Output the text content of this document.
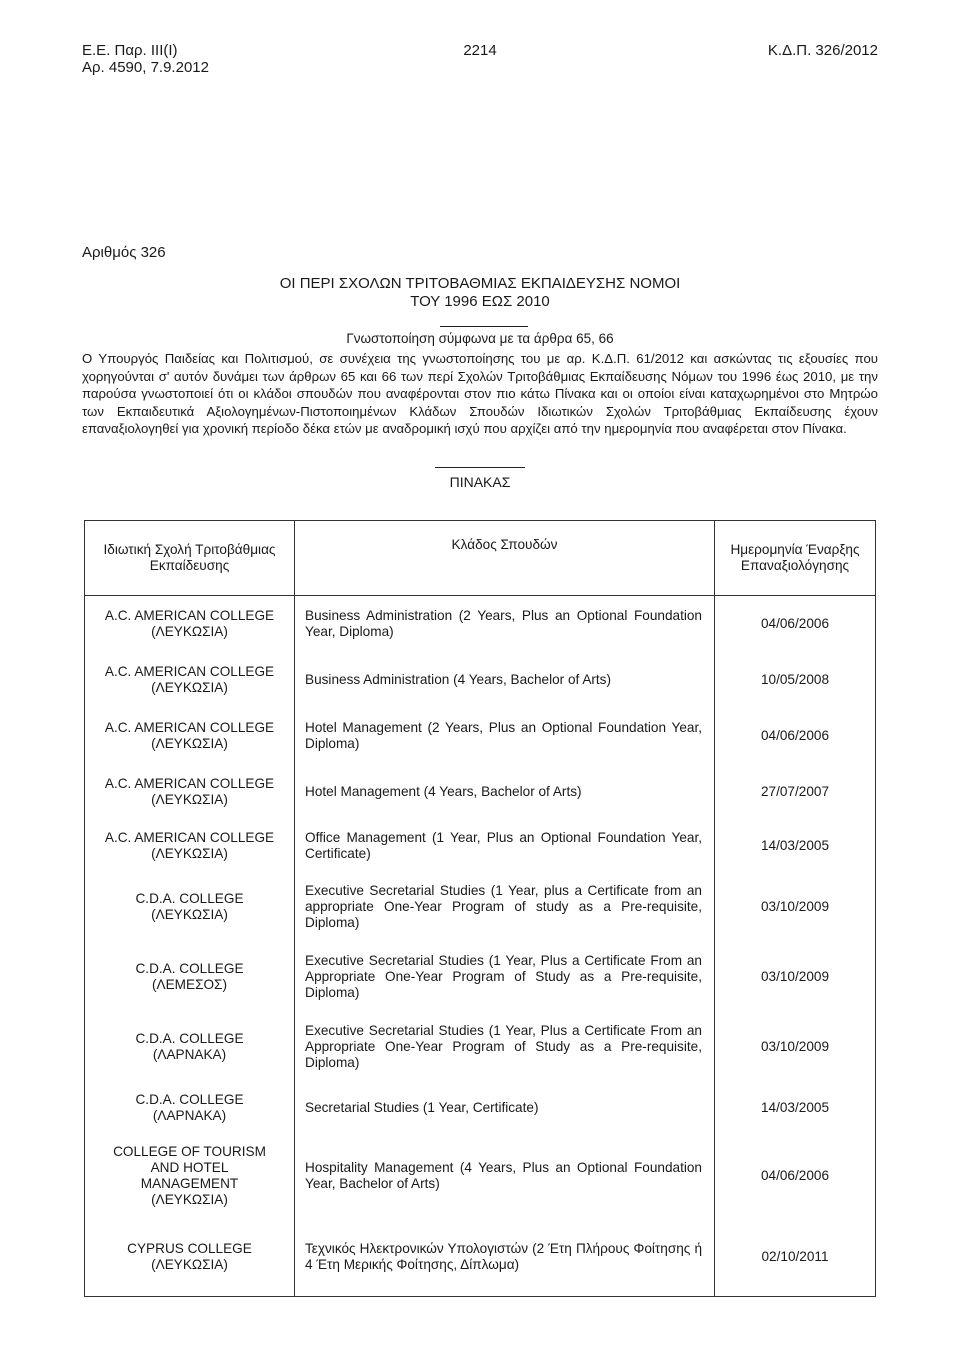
Ε.Ε. Παρ. ΙΙΙ(Ι)
Αρ. 4590, 7.9.2012
2214	Κ.Δ.Π. 326/2012
Αριθμός 326
ΟΙ ΠΕΡΙ ΣΧΟΛΩΝ ΤΡΙΤΟΒΑΘΜΙΑΣ ΕΚΠΑΙΔΕΥΣΗΣ ΝΟΜΟΙ
ΤΟΥ 1996 ΕΩΣ 2010
Γνωστοποίηση σύμφωνα με τα άρθρα 65, 66
Ο Υπουργός Παιδείας και Πολιτισμού, σε συνέχεια της γνωστοποίησης του με αρ. Κ.Δ.Π. 61/2012 και ασκώντας τις εξουσίες που χορηγούνται σ' αυτόν δυνάμει των άρθρων 65 και 66 των περί Σχολών Τριτοβάθμιας Εκπαίδευσης Νόμων του 1996 έως 2010, με την παρούσα γνωστοποιεί ότι οι κλάδοι σπουδών που αναφέρονται στον πιο κάτω Πίνακα και οι οποίοι είναι καταχωρημένοι στο Μητρώο των Εκπαιδευτικά Αξιολογημένων-Πιστοποιημένων Κλάδων Σπουδών Ιδιωτικών Σχολών Τριτοβάθμιας Εκπαίδευσης έχουν επαναξιολογηθεί για χρονική περίοδο δέκα ετών με αναδρομική ισχύ που αρχίζει από την ημερομηνία που αναφέρεται στον Πίνακα.
ΠΙΝΑΚΑΣ
Ιδιωτική Σχολή Τριτοβάθμιας
Εκπαίδευσης	Κλάδος Σπουδών	Ημερομηνία Έναρξης
Επαναξιολόγησης

A.C. AMERICAN COLLEGE
(ΛΕΥΚΩΣΙΑ)	Business Administration (2 Years, Plus an Optional Foundation Year, Diploma)	04/06/2006

A.C. AMERICAN COLLEGE
(ΛΕΥΚΩΣΙΑ)	Business Administration (4 Years, Bachelor of Arts)	10/05/2008

A.C. AMERICAN COLLEGE
(ΛΕΥΚΩΣΙΑ)	Hotel Management (2 Years, Plus an Optional Foundation Year, Diploma)	04/06/2006

A.C. AMERICAN COLLEGE
(ΛΕΥΚΩΣΙΑ)	Hotel Management (4 Years, Bachelor of Arts)	27/07/2007

A.C. AMERICAN COLLEGE
(ΛΕΥΚΩΣΙΑ)	Office Management (1 Year, Plus an Optional Foundation Year, Certificate)	14/03/2005

C.D.A. COLLEGE
(ΛΕΥΚΩΣΙΑ)	Executive Secretarial Studies (1 Year, plus a Certificate from an appropriate One-Year Program of study as a Pre-requisite, Diploma)	03/10/2009

C.D.A. COLLEGE
(ΛΕΜΕΣΟΣ)	Executive Secretarial Studies (1 Year, Plus a Certificate From an Appropriate One-Year Program of Study as a Pre-requisite, Diploma)	03/10/2009

C.D.A. COLLEGE
(ΛΑΡΝΑΚΑ)	Executive Secretarial Studies (1 Year, Plus a Certificate From an Appropriate One-Year Program of Study as a Pre-requisite, Diploma)	03/10/2009

C.D.A. COLLEGE
(ΛΑΡΝΑΚΑ)	Secretarial Studies (1 Year, Certificate)	14/03/2005

COLLEGE OF TOURISM
AND HOTEL
MANAGEMENT
(ΛΕΥΚΩΣΙΑ)	Hospitality Management (4 Years, Plus an Optional Foundation Year, Bachelor of Arts)	04/06/2006

CYPRUS COLLEGE
(ΛΕΥΚΩΣΙΑ)	Τεχνικός Ηλεκτρονικών Υπολογιστών (2 Έτη Πλήρους Φοίτησης ή 4 Έτη Μερικής Φοίτησης, Δίπλωμα)	02/10/2011
